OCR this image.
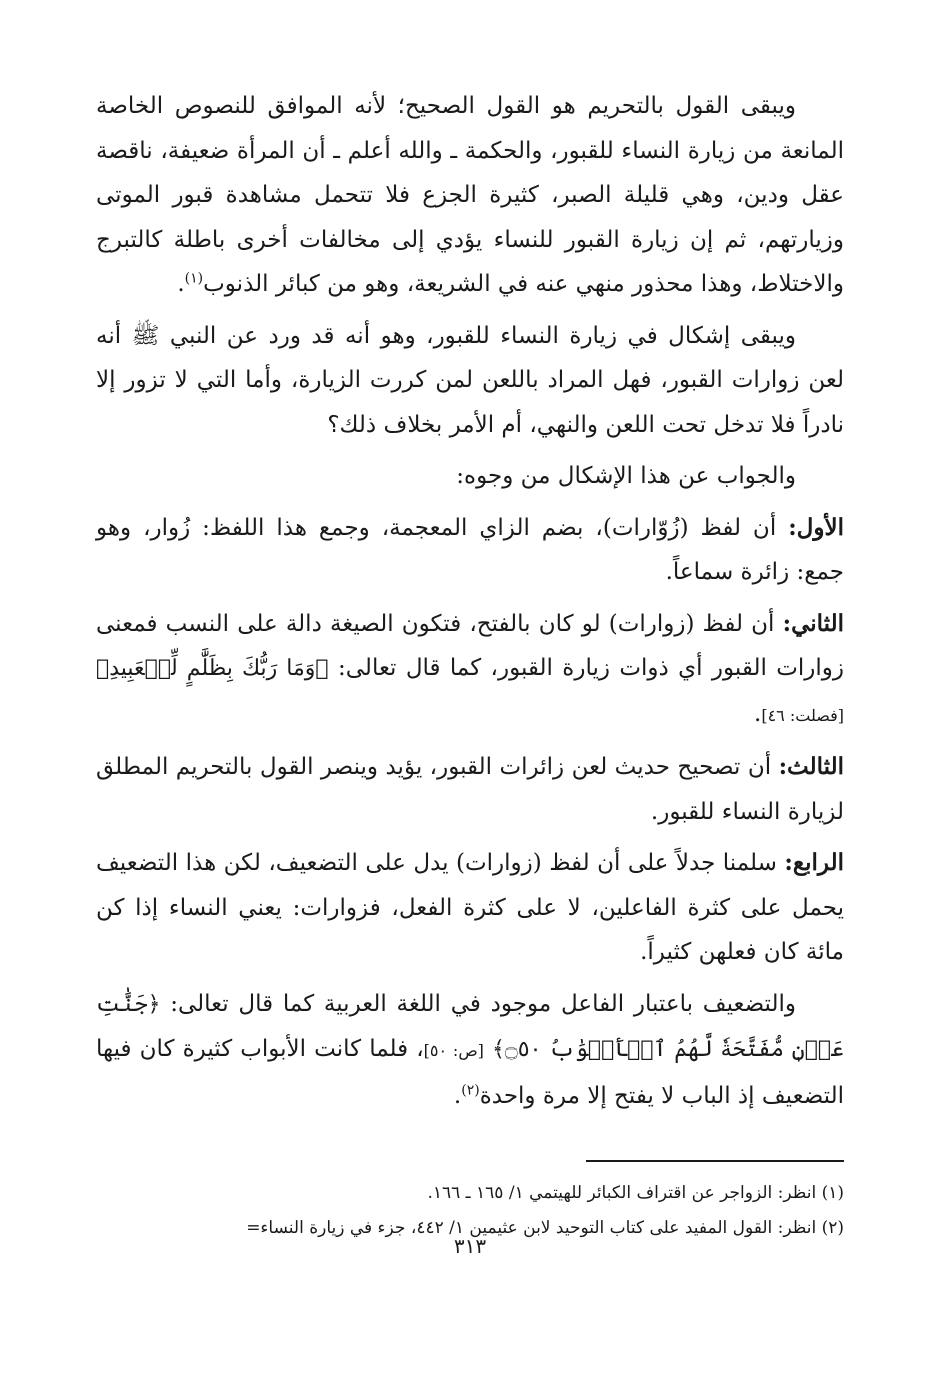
ويبقى القول بالتحريم هو القول الصحيح؛ لأنه الموافق للنصوص الخاصة المانعة من زيارة النساء للقبور، والحكمة ـ والله أعلم ـ أن المرأة ضعيفة، ناقصة عقل ودين، وهي قليلة الصبر، كثيرة الجزع فلا تتحمل مشاهدة قبور الموتى وزيارتهم، ثم إن زيارة القبور للنساء يؤدي إلى مخالفات أخرى باطلة كالتبرج والاختلاط، وهذا محذور منهي عنه في الشريعة، وهو من كبائر الذنوب$^{(١)}$.

ويبقى إشكال في زيارة النساء للقبور، وهو أنه قد ورد عن النبي ﷺ أنه لعن زوارات القبور، فهل المراد باللعن لمن كررت الزيارة، وأما التي لا تزور إلا نادراً فلا تدخل تحت اللعن والنهي، أم الأمر بخلاف ذلك؟

والجواب عن هذا الإشكال من وجوه:

الأول: أن لفظ (زُوّارات)، بضم الزاي المعجمة، وجمع هذا اللفظ: زُوار، وهو جمع: زائرة سماعاً.

الثاني: أن لفظ (زوارات) لو كان بالفتح، فتكون الصيغة دالة على النسب فمعنى زوارات القبور أي ذوات زيارة القبور، كما قال تعالى: ﴿وَمَا رَبُّكَ بِظَلَّٰمٍ لِّلۡعَبِيدِ﴾ [فصلت: ٤٦].

الثالث: أن تصحيح حديث لعن زائرات القبور، يؤيد وينصر القول بالتحريم المطلق لزيارة النساء للقبور.

الرابع: سلمنا جدلاً على أن لفظ (زوارات) يدل على التضعيف، لكن هذا التضعيف يحمل على كثرة الفاعلين، لا على كثرة الفعل، فزوارات: يعني النساء إذا كن مائة كان فعلهن كثيراً.

والتضعيف باعتبار الفاعل موجود في اللغة العربية كما قال تعالى: ﴿جَنَّٰتِ عَدۡنٖ مُّفَتَّحَةٗ لَّهُمُ ٱلۡأَبۡوَٰبُ ۝٥٠﴾ [ص: ٥٠]، فلما كانت الأبواب كثيرة كان فيها التضعيف إذ الباب لا يفتح إلا مرة واحدة$^{(٢)}$.

(١) انظر: الزواجر عن اقتراف الكبائر للهيتمي ١/ ١٦٥ ـ ١٦٦.

(٢) انظر: القول المفيد على كتاب التوحيد لابن عثيمين ١/ ٤٤٢، جزء في زيارة النساء=

٣١٣
